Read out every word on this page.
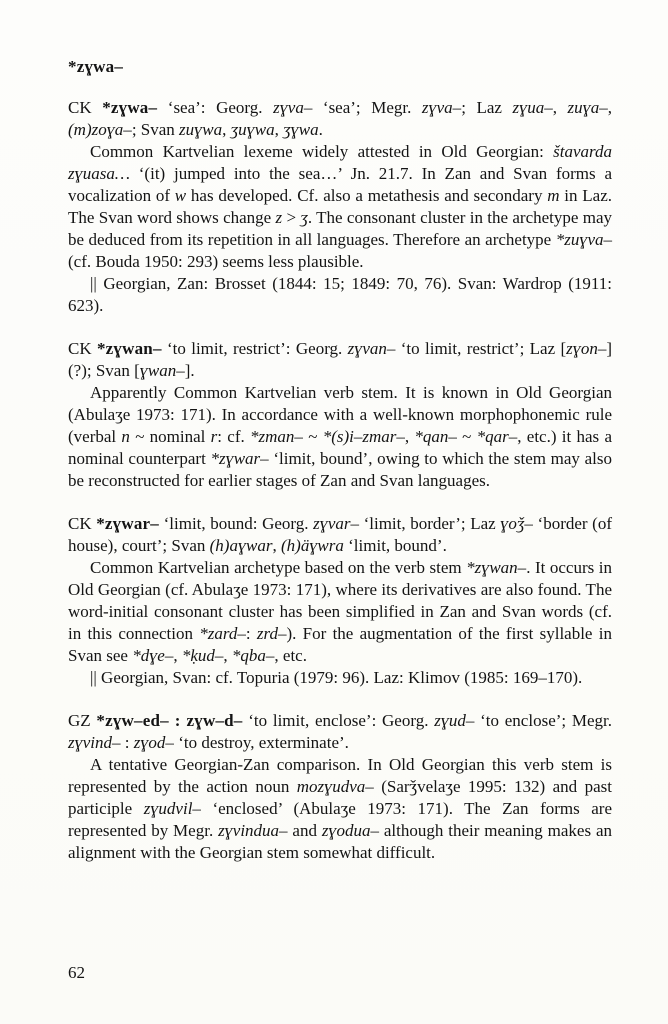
*zɣwa–

CK *zɣwa– ‘sea’: Georg. zɣva– ‘sea’; Megr. zɣva–; Laz zɣua–, zuɣa–, (m)zoɣa–; Svan zuɣwa, ʒuɣwa, ʒɣwa.

Common Kartvelian lexeme widely attested in Old Georgian: štavarda zɣuasa… ‘(it) jumped into the sea…’ Jn. 21.7. In Zan and Svan forms a vocalization of w has developed. Cf. also a metathesis and secondary m in Laz. The Svan word shows change z > ʒ. The consonant cluster in the archetype may be deduced from its repetition in all languages. Therefore an archetype *zuɣva– (cf. Bouda 1950: 293) seems less plausible.

|| Georgian, Zan: Brosset (1844: 15; 1849: 70, 76). Svan: Wardrop (1911: 623).

CK *zɣwan– ‘to limit, restrict’: Georg. zɣvan– ‘to limit, restrict’; Laz [zɣon–] (?); Svan [ɣwan–].

Apparently Common Kartvelian verb stem. It is known in Old Georgian (Abulaʒe 1973: 171). In accordance with a well-known morphophonemic rule (verbal n ~ nominal r: cf. *zman– ~ *(s)i–zmar–, *qan– ~ *qar–, etc.) it has a nominal counterpart *zɣwar– ‘limit, bound’, owing to which the stem may also be reconstructed for earlier stages of Zan and Svan languages.

CK *zɣwar– ‘limit, bound: Georg. zɣvar– ‘limit, border’; Laz ɣoǯ– ‘border (of house), court’; Svan (h)aɣwar, (h)äɣwra ‘limit, bound’.

Common Kartvelian archetype based on the verb stem *zɣwan–. It occurs in Old Georgian (cf. Abulaʒe 1973: 171), where its derivatives are also found. The word-initial consonant cluster has been simplified in Zan and Svan words (cf. in this connection *zard–: zrd–). For the augmentation of the first syllable in Svan see *dɣe–, *ḳud–, *qba–, etc.

|| Georgian, Svan: cf. Topuria (1979: 96). Laz: Klimov (1985: 169–170).

GZ *zɣw–ed– : zɣw–d– ‘to limit, enclose’: Georg. zɣud– ‘to enclose’; Megr. zɣvind– : zɣod– ‘to destroy, exterminate’.

A tentative Georgian-Zan comparison. In Old Georgian this verb stem is represented by the action noun mozɣudva– (Sarǯvelaʒe 1995: 132) and past participle zɣudvil– ‘enclosed’ (Abulaʒe 1973: 171). The Zan forms are represented by Megr. zɣvindua– and zɣodua– although their meaning makes an alignment with the Georgian stem somewhat difficult.

62
